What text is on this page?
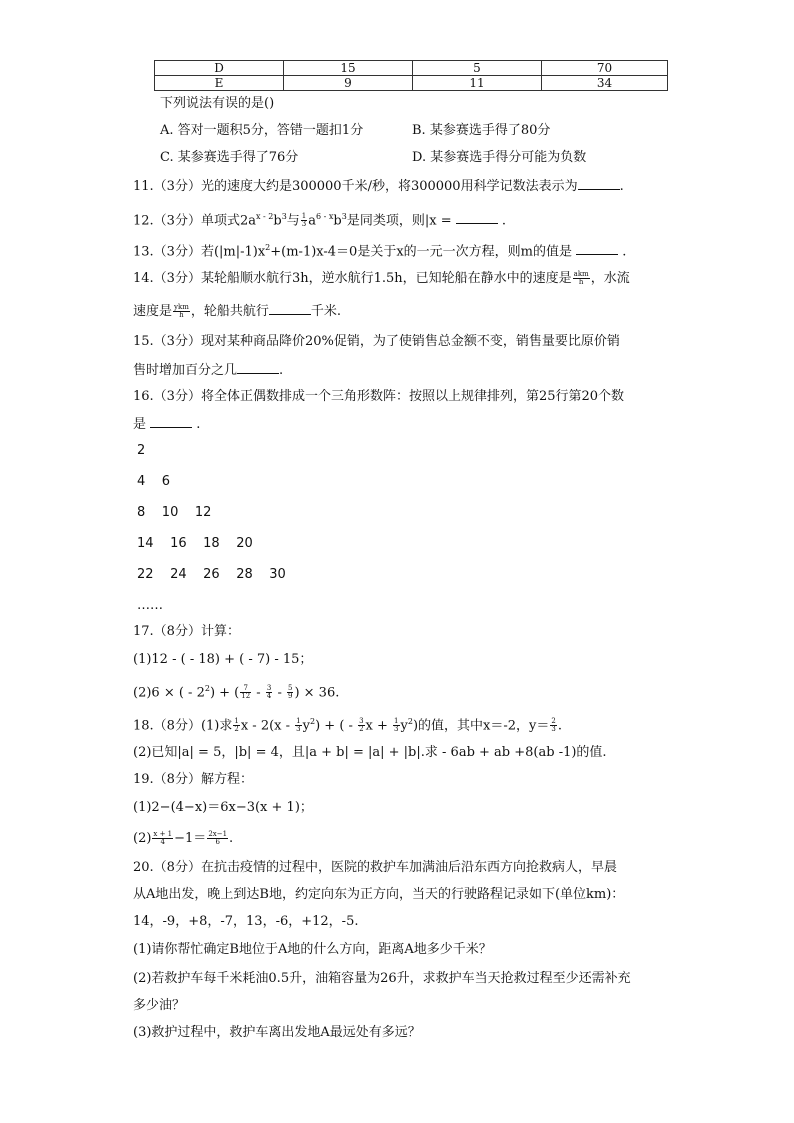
D	15	5	70
E	9	11	34
下列说法有误的是()
A. 答对一题积5分，答错一题扣1分	B. 某参赛选手得了80分
C. 某参赛选手得了76分	D. 某参赛选手得分可能为负数
11.（3分）光的速度大约是300000千米/秒，将300000用科学记数法表示为	.
12.（3分）单项式$2a^{x - 2}b^3$与 $\frac{1}{3} a^{6 - x}b^3$是同类项，则|x =	.
13.（3分）若$(|m|-1)x^2+(m-1)x-4=0$是关于x的一元一次方程，则m的值是	.
14.（3分）某轮船顺水航行3h，逆水航行1.5h，已知轮船在静水中的速度是 $\frac{\text{akm}}{h}$ ，水流
速度是 $\frac{\text{ykm}}{h}$ ，轮船共航行	千米.
15.（3分）现对某种商品降价20%促销，为了使销售总金额不变，销售量要比原价销
售时增加百分之几	.
16.（3分）将全体正偶数排成一个三角形数阵：按照以上规律排列，第25行第20个数
是	.
2
4    6
8    10    12
14    16    18    20
22    24    26    28    30
……
17.（8分）计算：
(1)12 - ( - 18) + ( - 7) - 15；
(2)6 × ( - $2^2$) + ( $\frac{7}{12} - \frac{3}{4} - \frac{5}{9}$ ) × 36.
18.（8分）(1)求 $\frac{1}{2}$ x - $2(x - \frac{1}{3} y^2)$ + ( - $\frac{3}{2}$ $x + \frac{1}{3} y^2$)的值，其中x＝-2，$y= \frac{2}{3}$ .
(2)已知|a| = 5，|b| = 4，且|a + b| = |a| + |b|.求 - 6ab + ab +8(ab -1)的值.
19.（8分）解方程：
(1)2−(4−x)＝6x−3(x + 1)；
$(2) \frac{x + 1}{4} -1= \frac{2x-1}{6}$ .
20.（8分）在抗击疫情的过程中，医院的救护车加满油后沿东西方向抢救病人，早晨
从A地出发，晚上到达B地，约定向东为正方向，当天的行驶路程记录如下(单位km)：
14，-9，+8，-7，13，-6，+12，-5.
(1)请你帮忙确定B地位于A地的什么方向，距离A地多少千米？
(2)若救护车每千米耗油0.5升，油箱容量为26升，求救护车当天抢救过程至少还需补充
多少油？
(3)救护过程中，救护车离出发地A最远处有多远？
